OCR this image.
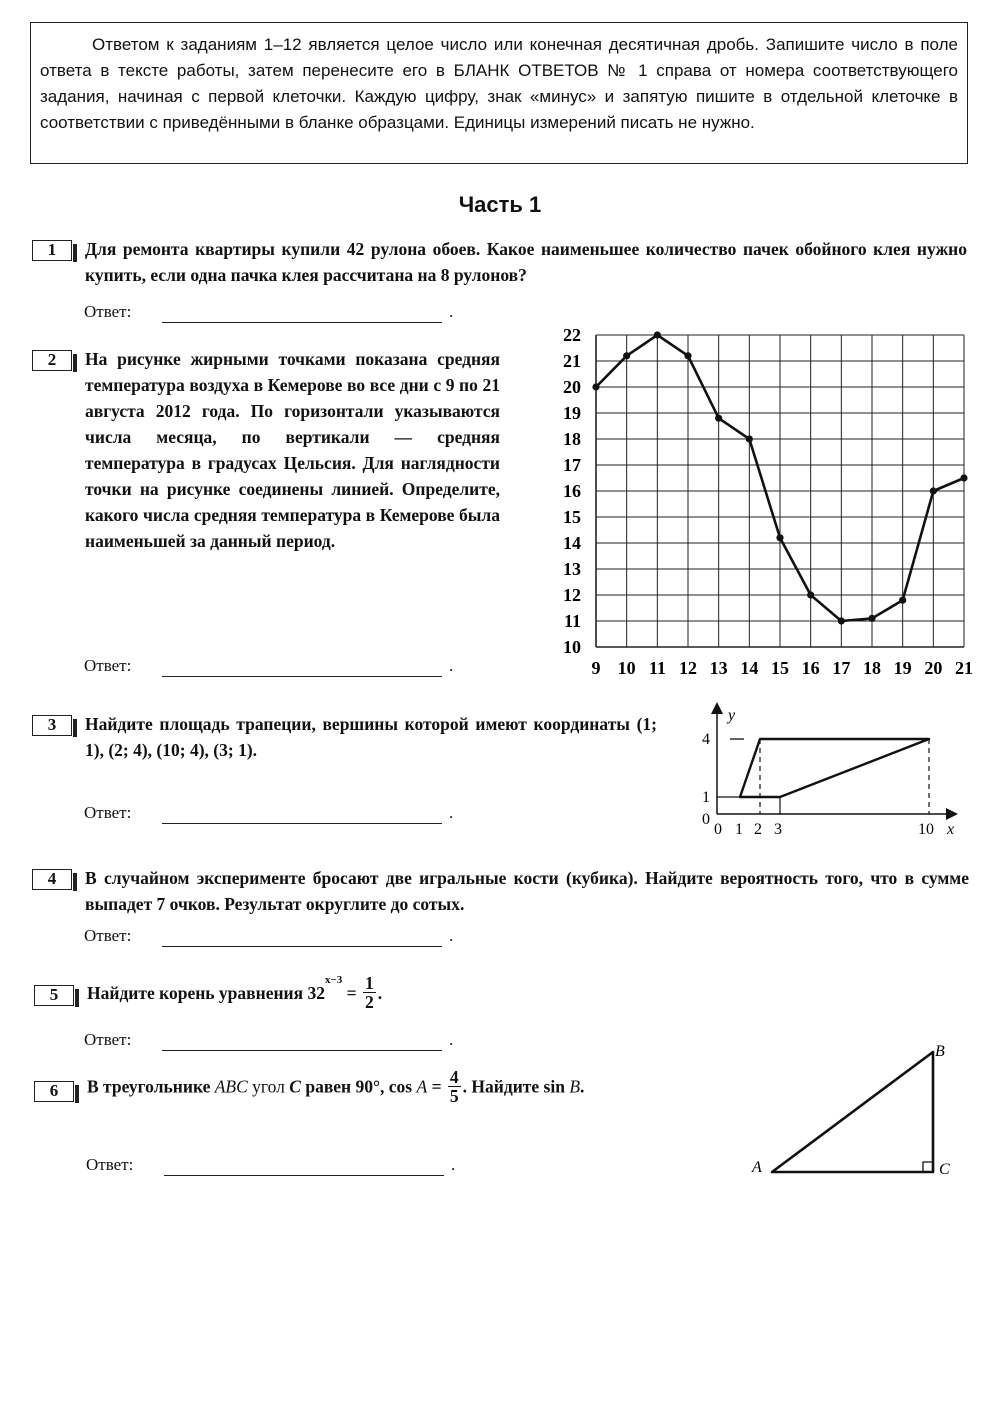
Ответом к заданиям 1–12 является целое число или конечная десятичная дробь. Запишите число в поле ответа в тексте работы, затем перенесите его в БЛАНК ОТВЕТОВ № 1 справа от номера соответствующего задания, начиная с первой клеточки. Каждую цифру, знак «минус» и запятую пишите в отдельной клеточке в соответствии с приведёнными в бланке образцами. Единицы измерений писать не нужно.

Часть 1
1	Для ремонта квартиры купили 42 рулона обоев. Какое наименьшее количество пачек обойного клея нужно купить, если одна пачка клея рассчитана на 8 рулонов?

Ответ:	.
2	На рисунке жирными точками показана средняя температура воздуха в Кемерове во все дни с 9 по 21 августа 2012 года. По горизонтали указываются числа месяца, по вертикали — средняя температура в градусах Цельсия. Для наглядности точки на рисунке соединены линией. Определите, какого числа средняя температура в Кемерове была наименьшей за данный период.

Ответ:	.
10
11
12
13
14
15
16
17
18
19
20
21
22
9 10 11 12 13 14 15 16 17 18 19 20 21
3	Найдите площадь трапеции, вершины которой имеют координаты (1; 1), (2; 4), (10; 4), (3; 1).

Ответ:	.
y
x
0
4
1
0 1 2 3	10
4	В случайном эксперименте бросают две игральные кости (кубика). Найдите вероятность того, что в сумме выпадет 7 очков. Результат округлите до сотых.

Ответ:	.
5	Найдите корень уравнения $32^{x-3} = \frac{1}{2}$ .
Ответ:	.
6	В треугольнике ABC угол C равен 90°, $\cos A = \frac{4}{5}$ . Найдите sin B.
Ответ:	.	A
B
C
